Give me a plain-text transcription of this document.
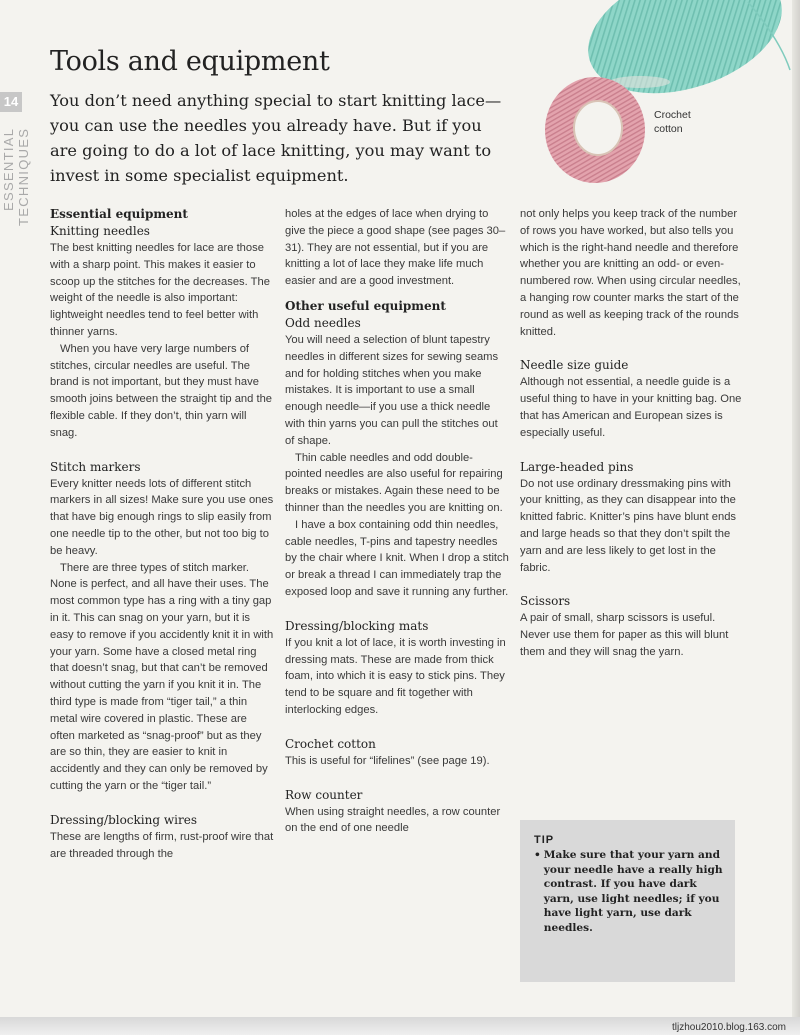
14
ESSENTIAL TECHNIQUES
Tools and equipment
You don’t need anything special to start knitting lace—you can use the needles you already have. But if you are going to do a lot of lace knitting, you may want to invest in some specialist equipment.
Crochet
cotton
Essential equipment
Knitting needles

The best knitting needles for lace are those with a sharp point. This makes it easier to scoop up the stitches for the decreases. The weight of the needle is also important: lightweight needles tend to feel better with thinner yarns.

When you have very large numbers of stitches, circular needles are useful. The brand is not important, but they must have smooth joins between the straight tip and the flexible cable. If they don’t, thin yarn will snag.

Stitch markers

Every knitter needs lots of different stitch markers in all sizes! Make sure you use ones that have big enough rings to slip easily from one needle tip to the other, but not too big to be heavy.

There are three types of stitch marker. None is perfect, and all have their uses. The most common type has a ring with a tiny gap in it. This can snag on your yarn, but it is easy to remove if you accidently knit it in with your yarn. Some have a closed metal ring that doesn’t snag, but that can’t be removed without cutting the yarn if you knit it in. The third type is made from “tiger tail,” a thin metal wire covered in plastic. These are often marketed as “snag-proof” but as they are so thin, they are easier to knit in accidently and they can only be removed by cutting the yarn or the “tiger tail.”

Dressing/blocking wires

These are lengths of firm, rust-proof wire that are threaded through the

holes at the edges of lace when drying to give the piece a good shape (see pages 30–31). They are not essential, but if you are knitting a lot of lace they make life much easier and are a good investment.

Other useful equipment
Odd needles

You will need a selection of blunt tapestry needles in different sizes for sewing seams and for holding stitches when you make mistakes. It is important to use a small enough needle—if you use a thick needle with thin yarns you can pull the stitches out of shape.

Thin cable needles and odd double-pointed needles are also useful for repairing breaks or mistakes. Again these need to be thinner than the needles you are knitting on.

I have a box containing odd thin needles, cable needles, T-pins and tapestry needles by the chair where I knit. When I drop a stitch or break a thread I can immediately trap the exposed loop and save it running any further.

Dressing/blocking mats

If you knit a lot of lace, it is worth investing in dressing mats. These are made from thick foam, into which it is easy to stick pins. They tend to be square and fit together with interlocking edges.

Crochet cotton

This is useful for “lifelines” (see page 19).

Row counter

When using straight needles, a row counter on the end of one needle

not only helps you keep track of the number of rows you have worked, but also tells you which is the right-hand needle and therefore whether you are knitting an odd- or even-numbered row. When using circular needles, a hanging row counter marks the start of the round as well as keeping track of the rounds knitted.

Needle size guide

Although not essential, a needle guide is a useful thing to have in your knitting bag. One that has American and European sizes is especially useful.

Large-headed pins

Do not use ordinary dressmaking pins with your knitting, as they can disappear into the knitted fabric. Knitter’s pins have blunt ends and large heads so that they don’t spilt the yarn and are less likely to get lost in the fabric.

Scissors

A pair of small, sharp scissors is useful. Never use them for paper as this will blunt them and they will snag the yarn.

TIP
• Make sure that your yarn and your needle have a really high contrast. If you have dark yarn, use light needles; if you have light yarn, use dark needles.
tljzhou2010.blog.163.com
